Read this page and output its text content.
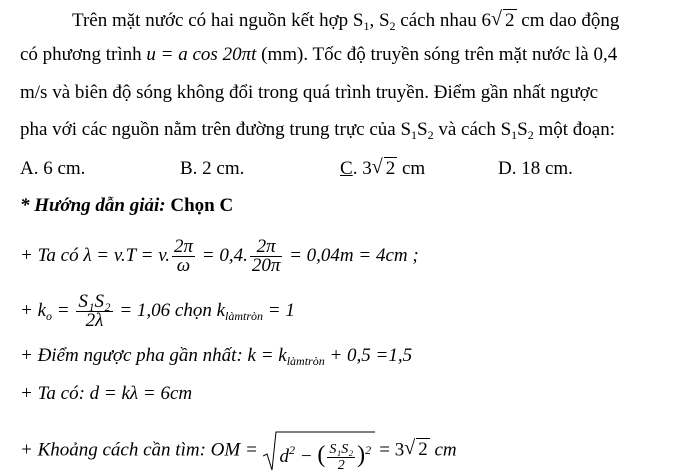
Trên mặt nước có hai nguồn kết hợp $S_1$, $S_2$ cách nhau 6√ 2 cm dao động
có phương trình u = a cos 20πt (mm). Tốc độ truyền sóng trên mặt nước là 0,4
m/s và biên độ sóng không đổi trong quá trình truyền. Điểm gần nhất ngược
pha với các nguồn nằm trên đường trung trực của $S_1S_2$ và cách $S_1S_2$ một đoạn:
A. 6 cm.	B. 2 cm.	C. 3√ 2 cm	D. 18 cm.
* Hướng dẫn giải: Chọn C
+ Ta có λ = v.T = v. $\frac{2\pi}{\omega} = 0,4$. $\frac{2\pi}{20\pi} = 0,04m = 4cm$ ;
+ $k_o = \frac{\text{S₁S₂}}{2\lambda} = 1,06$ chọn $k_{làmtròn} = 1$
+ Điểm ngược pha gần nhất: $k = k_{làmtròn} + 0,5 =1,5$
+ Ta có: d = kλ = 6cm
+ Khoảng cách cần tìm: OM = $d^2$ − ( $\frac{\text{S₁S₂}}{2} )^2 = 3√$ 2 cm
